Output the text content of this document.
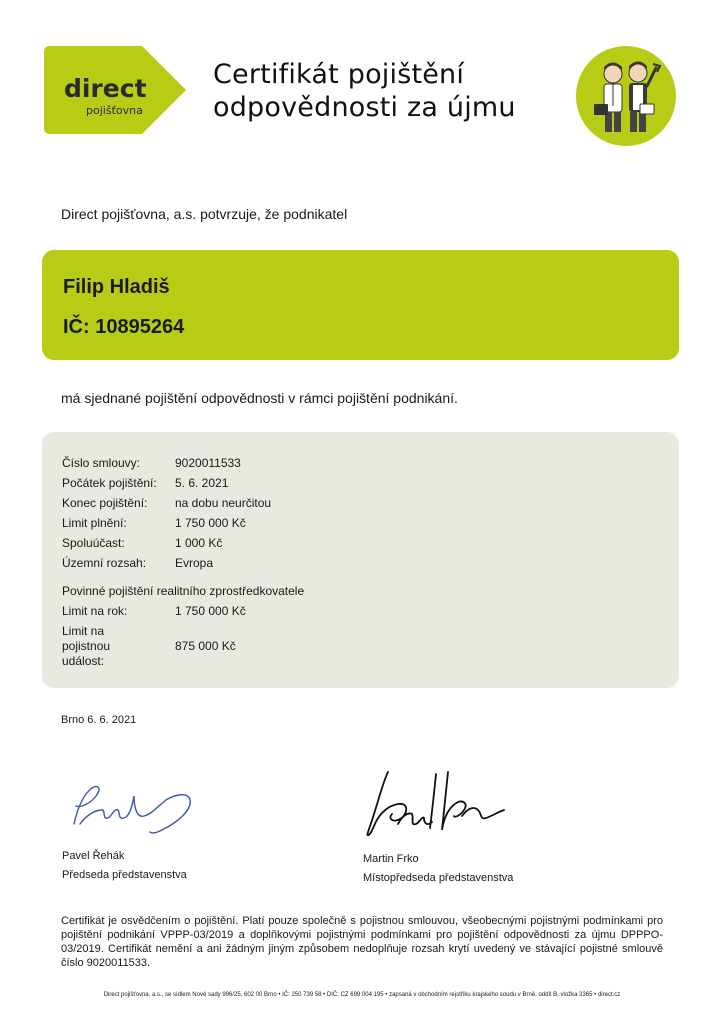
direct
pojišťovna
Certifikát pojištění
odpovědnosti za újmu
Direct pojišťovna, a.s. potvrzuje, že podnikatel
Filip Hladiš
IČ: 10895264
má sjednané pojištění odpovědnosti v rámci pojištění podnikání.
Číslo smlouvy:	9020011533
Počátek pojištění: 5. 6. 2021
Konec pojištění: na dobu neurčitou
Limit plnění:	1 750 000 Kč
Spoluúčast:	1 000 Kč
Územní rozsah: Evropa
Povinné pojištění realitního zprostředkovatele
Limit na rok:	1 750 000 Kč
Limit na pojistnou událost:
875 000 Kč
Brno 6. 6. 2021
Pavel Řehák
Předseda představenstva
Martin Frko
Místopředseda představenstva
Certifikát je osvědčením o pojištění. Platí pouze společně s pojistnou smlouvou, všeobecnými pojistnými podmínkami pro pojištění podnikání VPPP-03/2019 a doplňkovými pojistnými podmínkami pro pojištění odpovědnosti za újmu DPPPO-03/2019. Certifikát nemění a ani žádným jiným způsobem nedoplňuje rozsah krytí uvedený ve stávající pojistné smlouvě číslo 9020011533.
Direct pojišťovna, a.s., se sídlem Nové sady 996/25, 602 00 Brno • IČ: 250 739 58 • DIČ: CZ 699 004 195 • zapsaná v obchodním rejstříku krajského soudu v Brně, oddíl B, vložka 3365 • direct.cz
